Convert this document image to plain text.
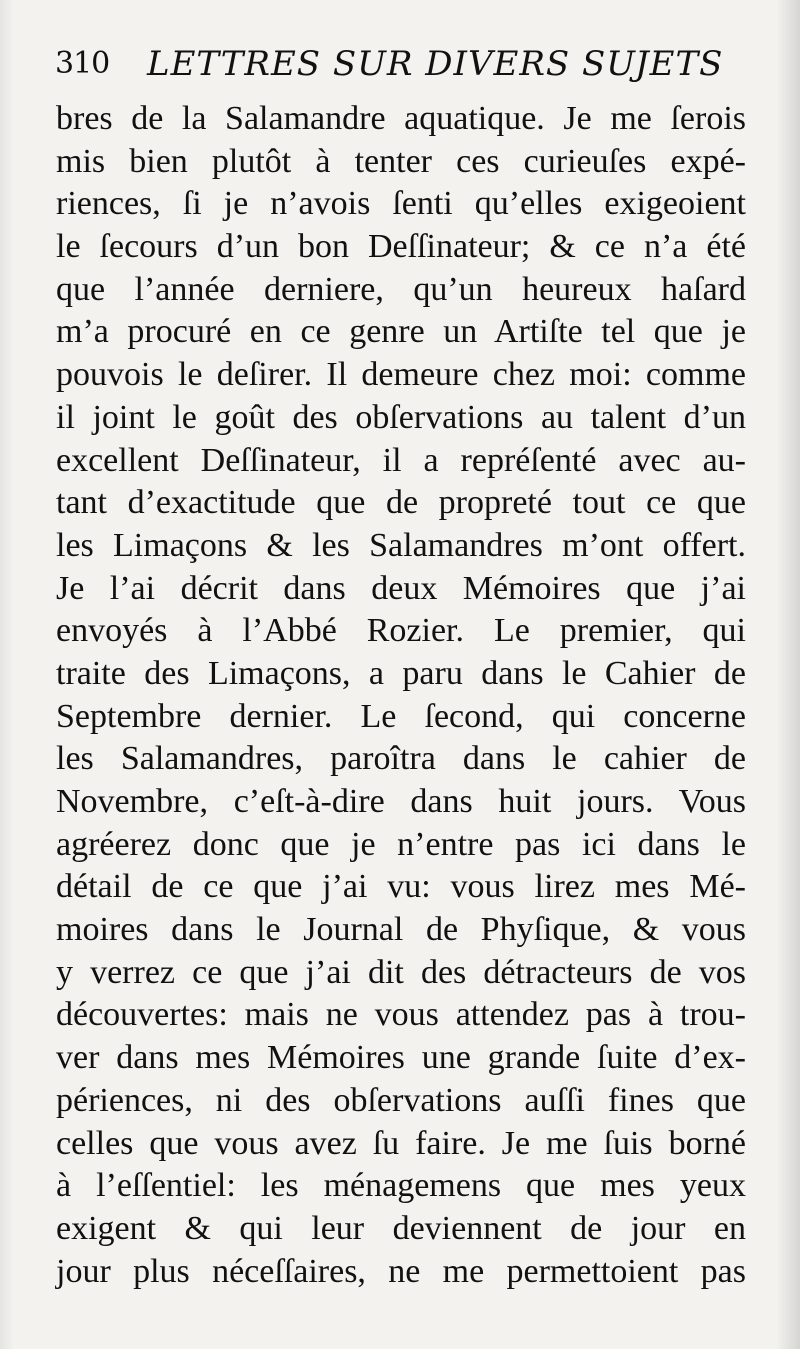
310 LETTRES SUR DIVERS SUJETS
bres de la Salamandre aquatique. Je me ſerois
mis bien plutôt à tenter ces curieuſes expé-
riences, ſi je n’avois ſenti qu’elles exigeoient
le ſecours d’un bon Deſſinateur; & ce n’a été
que l’année derniere, qu’un heureux haſard
m’a procuré en ce genre un Artiſte tel que je
pouvois le deſirer. Il demeure chez moi: comme
il joint le goût des obſervations au talent d’un
excellent Deſſinateur, il a repréſenté avec au-
tant d’exactitude que de propreté tout ce que
les Limaçons & les Salamandres m’ont offert.
Je l’ai décrit dans deux Mémoires que j’ai
envoyés à l’Abbé Rozier. Le premier, qui
traite des Limaçons, a paru dans le Cahier de
Septembre dernier. Le ſecond, qui concerne
les Salamandres, paroîtra dans le cahier de
Novembre, c’eſt-à-dire dans huit jours. Vous
agréerez donc que je n’entre pas ici dans le
détail de ce que j’ai vu: vous lirez mes Mé-
moires dans le Journal de Phyſique, & vous
y verrez ce que j’ai dit des détracteurs de vos
découvertes: mais ne vous attendez pas à trou-
ver dans mes Mémoires une grande ſuite d’ex-
périences, ni des obſervations auſſi fines que
celles que vous avez ſu faire. Je me ſuis borné
à l’eſſentiel: les ménagemens que mes yeux
exigent & qui leur deviennent de jour en
jour plus néceſſaires, ne me permettoient pas
